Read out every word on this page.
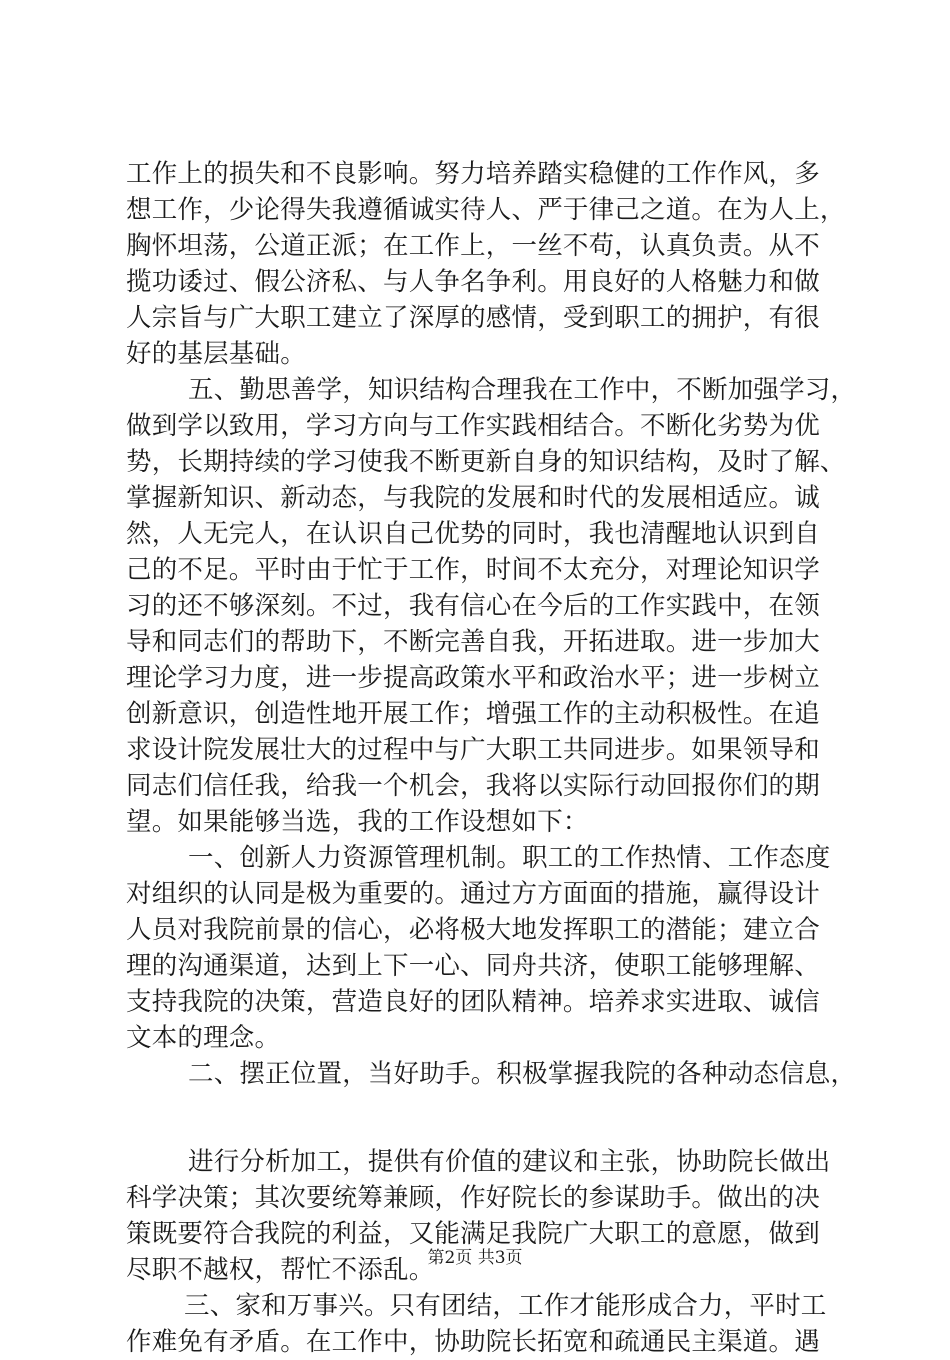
工作上的损失和不良影响。努力培养踏实稳健的工作作风，多
想工作，少论得失我遵循诚实待人、严于律己之道。在为人上，
胸怀坦荡，公道正派；在工作上，一丝不苟，认真负责。从不
揽功诿过、假公济私、与人争名争利。用良好的人格魅力和做
人宗旨与广大职工建立了深厚的感情，受到职工的拥护，有很
好的基层基础。
五、勤思善学，知识结构合理我在工作中，不断加强学习，
做到学以致用，学习方向与工作实践相结合。不断化劣势为优
势，长期持续的学习使我不断更新自身的知识结构，及时了解、
掌握新知识、新动态，与我院的发展和时代的发展相适应。诚
然，人无完人，在认识自己优势的同时，我也清醒地认识到自
己的不足。平时由于忙于工作，时间不太充分，对理论知识学
习的还不够深刻。不过，我有信心在今后的工作实践中，在领
导和同志们的帮助下，不断完善自我，开拓进取。进一步加大
理论学习力度，进一步提高政策水平和政治水平；进一步树立
创新意识，创造性地开展工作；增强工作的主动积极性。在追
求设计院发展壮大的过程中与广大职工共同进步。如果领导和
同志们信任我，给我一个机会，我将以实际行动回报你们的期
望。如果能够当选，我的工作设想如下：
一、创新人力资源管理机制。职工的工作热情、工作态度
对组织的认同是极为重要的。通过方方面面的措施，赢得设计
人员对我院前景的信心，必将极大地发挥职工的潜能；建立合
理的沟通渠道，达到上下一心、同舟共济，使职工能够理解、
支持我院的决策，营造良好的团队精神。培养求实进取、诚信
文本的理念。
二、摆正位置，当好助手。积极掌握我院的各种动态信息，
进行分析加工，提供有价值的建议和主张，协助院长做出
科学决策；其次要统筹兼顾，作好院长的参谋助手。做出的决
策既要符合我院的利益，又能满足我院广大职工的意愿，做到
尽职不越权，帮忙不添乱。
三、家和万事兴。只有团结，工作才能形成合力，平时工
作难免有矛盾。在工作中，协助院长拓宽和疏通民主渠道。遇
第2页 共3页
